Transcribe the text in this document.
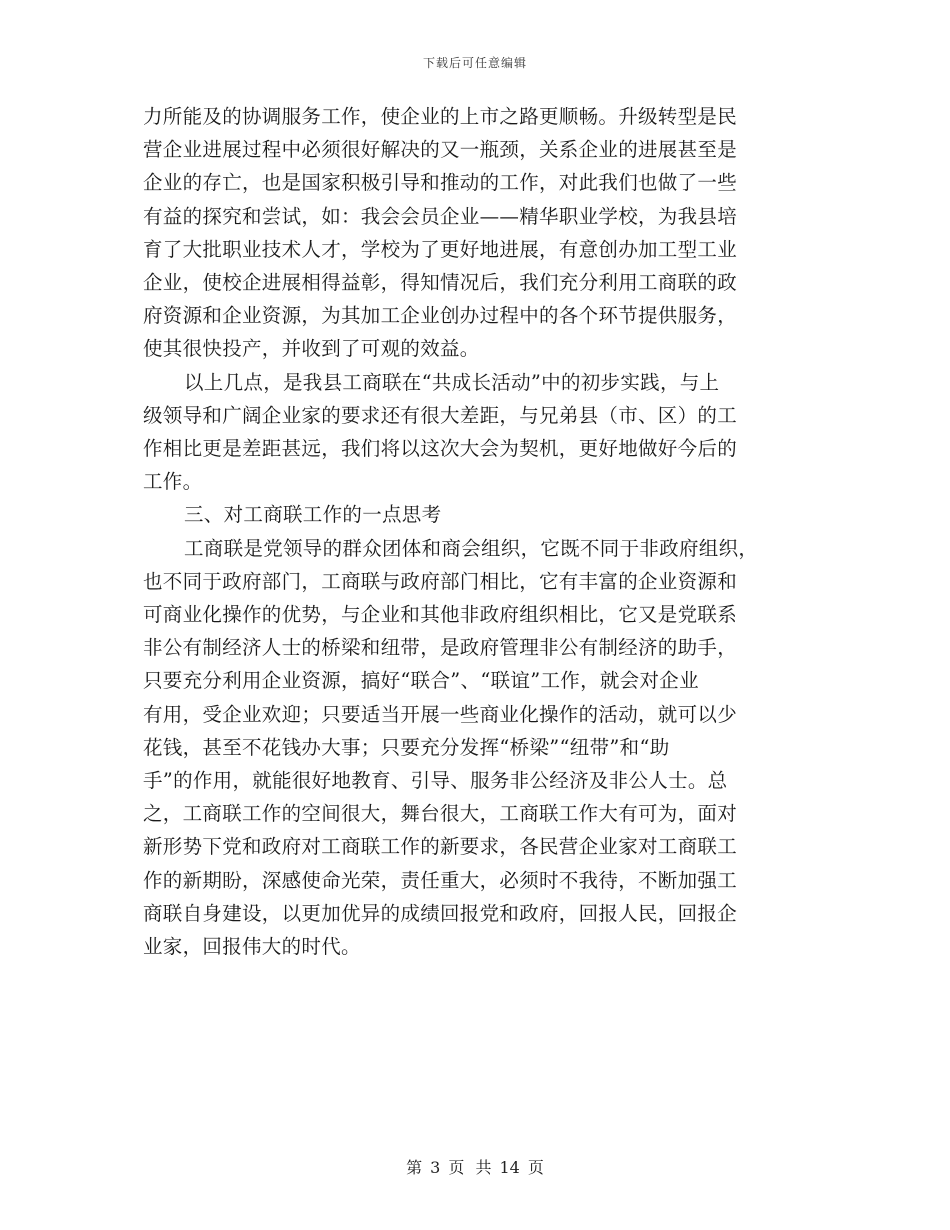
下载后可任意编辑

力所能及的协调服务工作，使企业的上市之路更顺畅。升级转型是民
营企业进展过程中必须很好解决的又一瓶颈，关系企业的进展甚至是
企业的存亡，也是国家积极引导和推动的工作，对此我们也做了一些
有益的探究和尝试，如：我会会员企业——精华职业学校，为我县培
育了大批职业技术人才，学校为了更好地进展，有意创办加工型工业
企业，使校企进展相得益彰，得知情况后，我们充分利用工商联的政
府资源和企业资源，为其加工企业创办过程中的各个环节提供服务，
使其很快投产，并收到了可观的效益。

以上几点，是我县工商联在“共成长活动”中的初步实践，与上
级领导和广阔企业家的要求还有很大差距，与兄弟县（市、区）的工
作相比更是差距甚远，我们将以这次大会为契机，更好地做好今后的
工作。

三、对工商联工作的一点思考

工商联是党领导的群众团体和商会组织，它既不同于非政府组织，
也不同于政府部门，工商联与政府部门相比，它有丰富的企业资源和
可商业化操作的优势，与企业和其他非政府组织相比，它又是党联系
非公有制经济人士的桥梁和纽带，是政府管理非公有制经济的助手，
只要充分利用企业资源，搞好“联合”、“联谊”工作，就会对企业
有用，受企业欢迎；只要适当开展一些商业化操作的活动，就可以少
花钱，甚至不花钱办大事；只要充分发挥“桥梁”“纽带”和“助
手”的作用，就能很好地教育、引导、服务非公经济及非公人士。总
之，工商联工作的空间很大，舞台很大，工商联工作大有可为，面对
新形势下党和政府对工商联工作的新要求，各民营企业家对工商联工
作的新期盼，深感使命光荣，责任重大，必须时不我待，不断加强工
商联自身建设，以更加优异的成绩回报党和政府，回报人民，回报企
业家，回报伟大的时代。

第 3 页 共 14 页
